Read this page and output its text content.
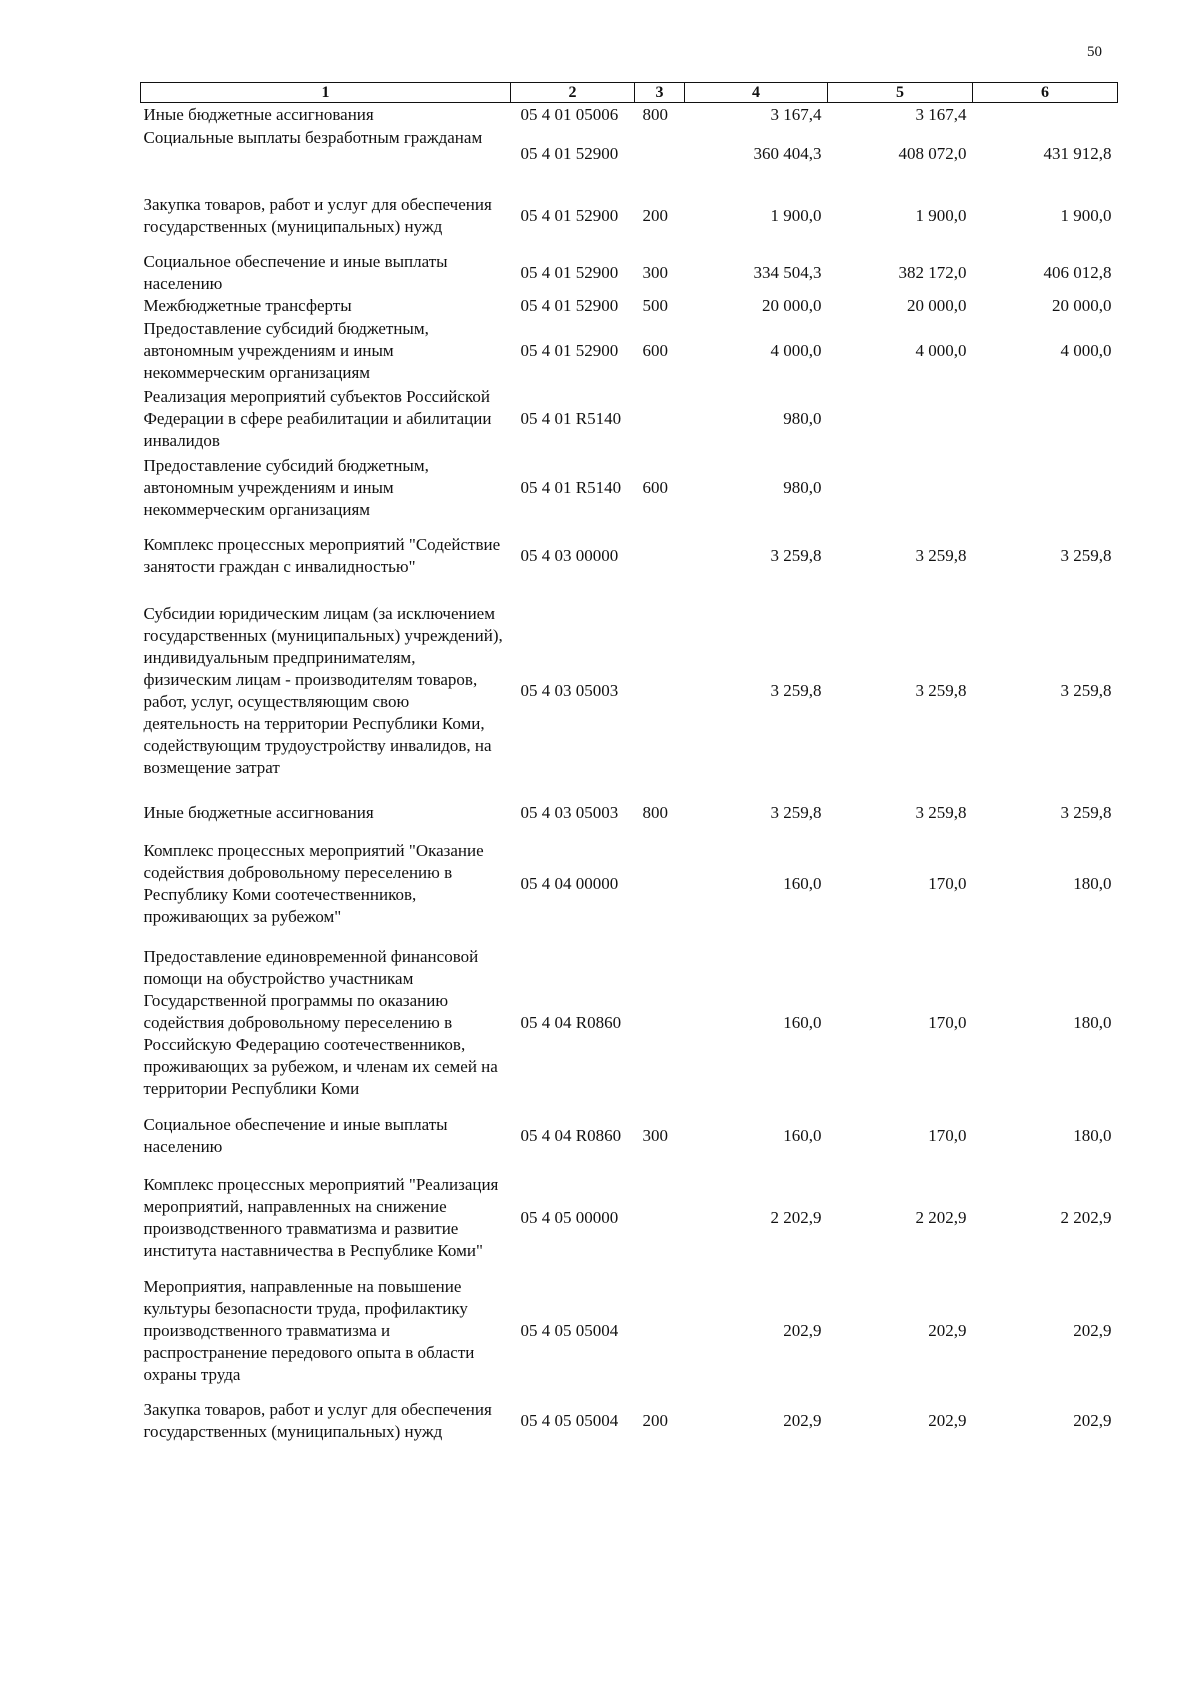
50
1	2	3	4	5	6
Иные бюджетные ассигнования	05 4 01 05006	800	3 167,4	3 167,4	
Социальные выплаты безработным гражданам	05 4 01 52900		360 404,3	408 072,0	431 912,8
Закупка товаров, работ и услуг для обеспечения государственных (муниципальных) нужд	05 4 01 52900	200	1 900,0	1 900,0	1 900,0
Социальное обеспечение и иные выплаты населению	05 4 01 52900	300	334 504,3	382 172,0	406 012,8
Межбюджетные трансферты	05 4 01 52900	500	20 000,0	20 000,0	20 000,0
Предоставление субсидий бюджетным, автономным учреждениям и иным некоммерческим организациям	05 4 01 52900	600	4 000,0	4 000,0	4 000,0
Реализация мероприятий субъектов Российской Федерации в сфере реабилитации и абилитации инвалидов	05 4 01 R5140		980,0		
Предоставление субсидий бюджетным, автономным учреждениям и иным некоммерческим организациям	05 4 01 R5140	600	980,0		
Комплекс процессных мероприятий "Содействие занятости граждан с инвалидностью"	05 4 03 00000		3 259,8	3 259,8	3 259,8
Субсидии юридическим лицам (за исключением государственных (муниципальных) учреждений), индивидуальным предпринимателям, физическим лицам - производителям товаров, работ, услуг, осуществляющим свою деятельность на территории Республики Коми, содействующим трудоустройству инвалидов, на возмещение затрат	05 4 03 05003		3 259,8	3 259,8	3 259,8
Иные бюджетные ассигнования	05 4 03 05003	800	3 259,8	3 259,8	3 259,8
Комплекс процессных мероприятий "Оказание содействия добровольному переселению в Республику Коми соотечественников, проживающих за рубежом"	05 4 04 00000		160,0	170,0	180,0
Предоставление единовременной финансовой помощи на обустройство участникам Государственной программы по оказанию содействия добровольному переселению в Российскую Федерацию соотечественников, проживающих за рубежом, и членам их семей на территории Республики Коми	05 4 04 R0860		160,0	170,0	180,0
Социальное обеспечение и иные выплаты населению	05 4 04 R0860	300	160,0	170,0	180,0
Комплекс процессных мероприятий "Реализация мероприятий, направленных на снижение производственного травматизма и развитие института наставничества в Республике Коми"	05 4 05 00000		2 202,9	2 202,9	2 202,9
Мероприятия, направленные на повышение культуры безопасности труда, профилактику производственного травматизма и распространение передового опыта в области охраны труда	05 4 05 05004		202,9	202,9	202,9
Закупка товаров, работ и услуг для обеспечения государственных (муниципальных) нужд	05 4 05 05004	200	202,9	202,9	202,9
